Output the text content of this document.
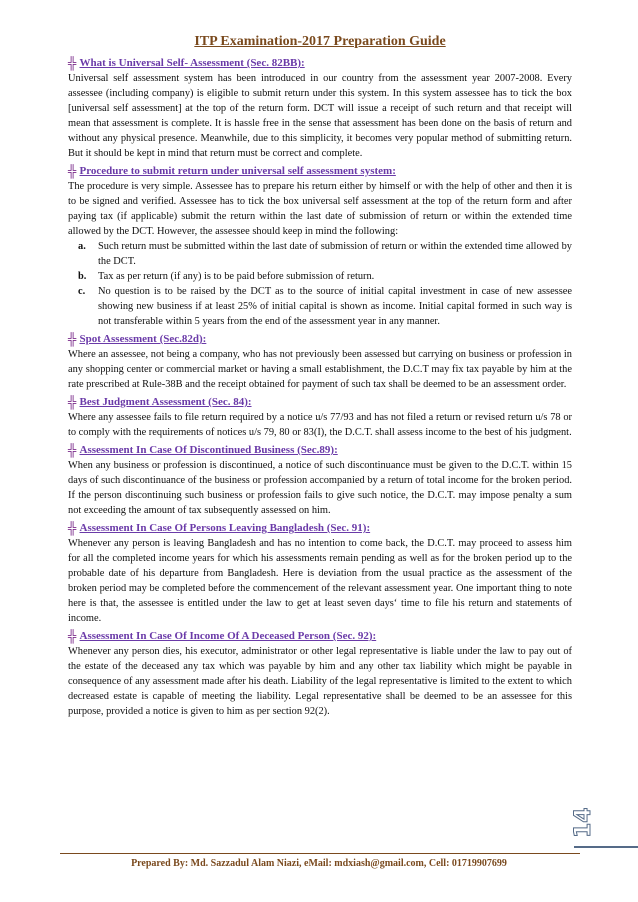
ITP Examination-2017 Preparation Guide
╬ What is Universal Self- Assessment (Sec. 82BB):

Universal self assessment system has been introduced in our country from the assessment year 2007-2008. Every assessee (including company) is eligible to submit return under this system. In this system assessee has to tick the box [universal self assessment] at the top of the return form. DCT will issue a receipt of such return and that receipt will mean that assessment is complete. It is hassle free in the sense that assessment has been done on the basis of return and without any physical presence. Meanwhile, due to this simplicity, it becomes very popular method of submitting return. But it should be kept in mind that return must be correct and complete.

╬ Procedure to submit return under universal self assessment system:

The procedure is very simple. Assessee has to prepare his return either by himself or with the help of other and then it is to be signed and verified. Assessee has to tick the box universal self assessment at the top of the return form and after paying tax (if applicable) submit the return within the last date of submission of return or within the extended time allowed by the DCT. However, the assessee should keep in mind the following:

a. Such return must be submitted within the last date of submission of return or within the extended time allowed by the DCT.
b. Tax as per return (if any) is to be paid before submission of return.
c. No question is to be raised by the DCT as to the source of initial capital investment in case of new assessee showing new business if at least 25% of initial capital is shown as income. Initial capital formed in such way is not transferable within 5 years from the end of the assessment year in any manner.
╬ Spot Assessment (Sec.82d):

Where an assessee, not being a company, who has not previously been assessed but carrying on business or profession in any shopping center or commercial market or having a small establishment, the D.C.T may fix tax payable by him at the rate prescribed at Rule-38B and the receipt obtained for payment of such tax shall be deemed to be an assessment order.

╬ Best Judgment Assessment (Sec. 84):

Where any assessee fails to file return required by a notice u/s 77/93 and has not filed a return or revised return u/s 78 or to comply with the requirements of notices u/s 79, 80 or 83(I), the D.C.T. shall assess income to the best of his judgment.

╬ Assessment In Case Of Discontinued Business (Sec.89):

When any business or profession is discontinued, a notice of such discontinuance must be given to the D.C.T. within 15 days of such discontinuance of the business or profession accompanied by a return of total income for the broken period. If the person discontinuing such business or profession fails to give such notice, the D.C.T. may impose penalty a sum not exceeding the amount of tax subsequently assessed on him.

╬ Assessment In Case Of Persons Leaving Bangladesh (Sec. 91):

Whenever any person is leaving Bangladesh and has no intention to come back, the D.C.T. may proceed to assess him for all the completed income years for which his assessments remain pending as well as for the broken period up to the probable date of his departure from Bangladesh. Here is deviation from the usual practice as the assessment of the broken period may be completed before the commencement of the relevant assessment year. One important thing to note here is that, the assessee is entitled under the law to get at least seven days‘ time to file his return and statements of income.

╬ Assessment In Case Of Income Of A Deceased Person (Sec. 92):

Whenever any person dies, his executor, administrator or other legal representative is liable under the law to pay out of the estate of the deceased any tax which was payable by him and any other tax liability which might be payable in consequence of any assessment made after his death. Liability of the legal representative is limited to the extent to which decreased estate is capable of meeting the liability. Legal representative shall be deemed to be an assessee for this purpose, provided a notice is given to him as per section 92(2).

14
Prepared By: Md. Sazzadul Alam Niazi, eMail: mdxiash@gmail.com, Cell: 01719907699
